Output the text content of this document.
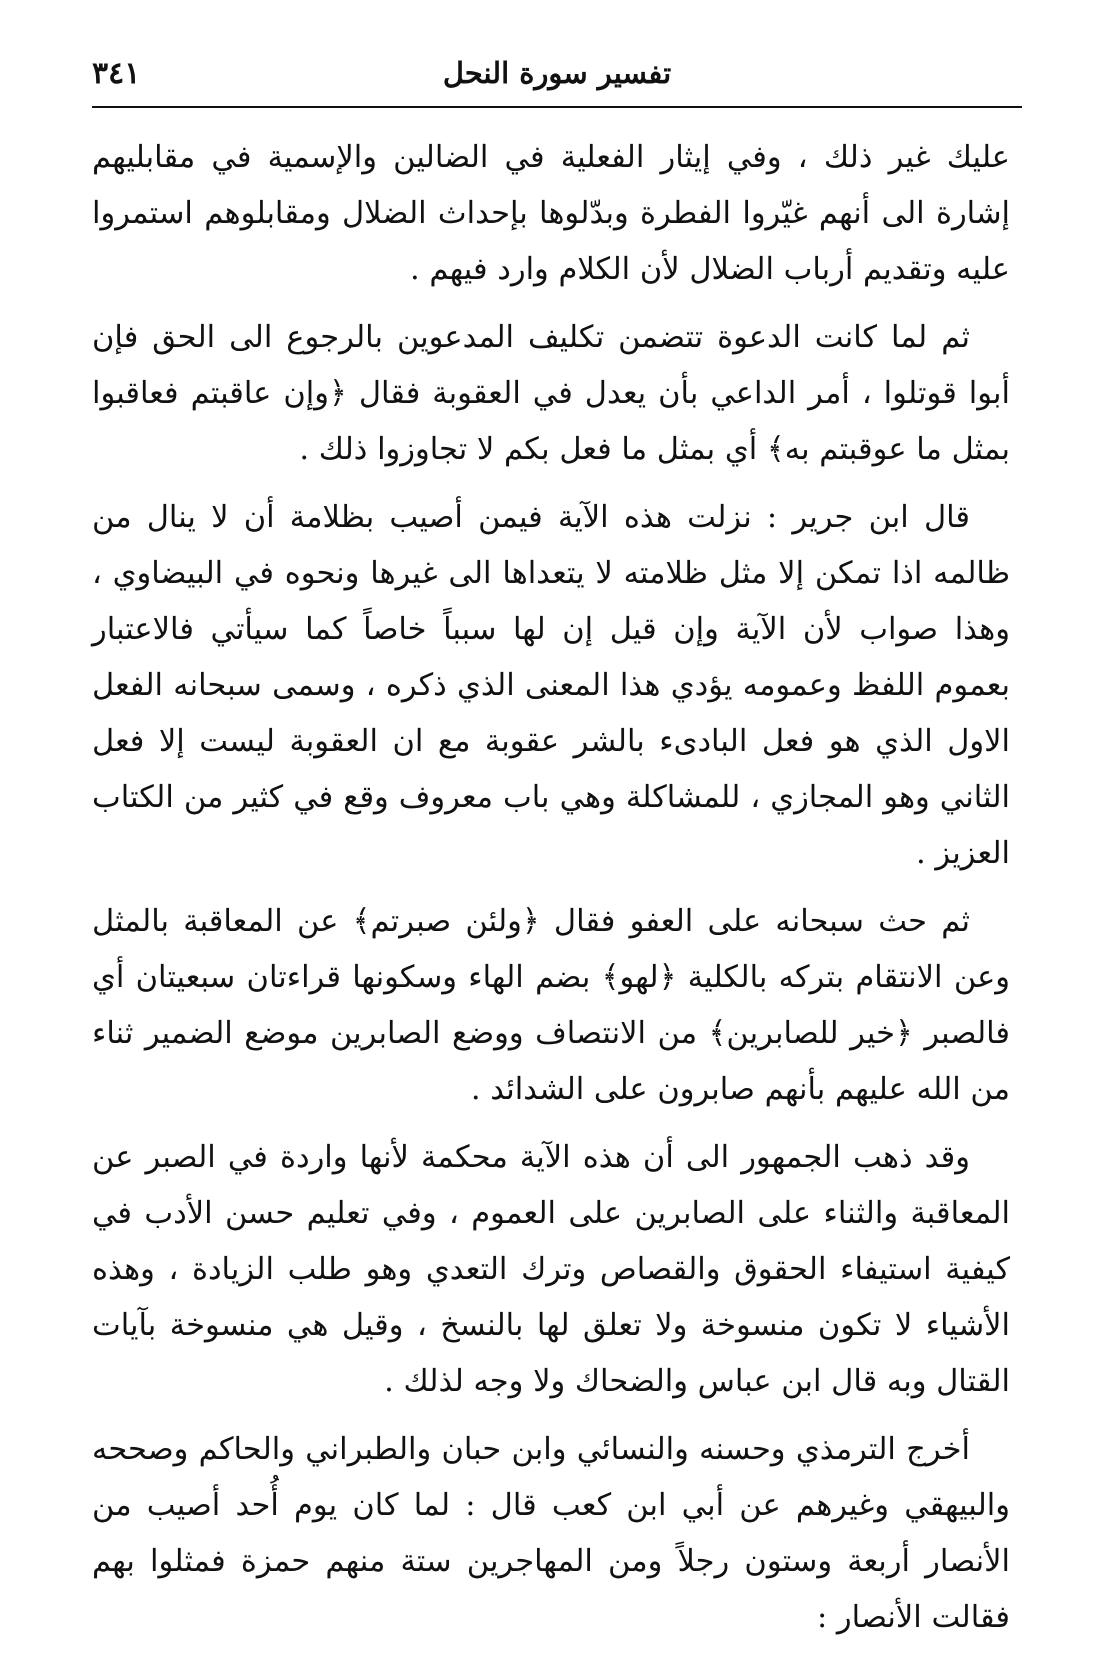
٣٤١	تفسير سورة النحل

عليك غير ذلك ، وفي إيثار الفعلية في الضالين والإسمية في مقابليهم إشارة الى أنهم غيّروا الفطرة وبدّلوها بإحداث الضلال ومقابلوهم استمروا عليه وتقديم أرباب الضلال لأن الكلام وارد فيهم .

ثم لما كانت الدعوة تتضمن تكليف المدعوين بالرجوع الى الحق فإن أبوا قوتلوا ، أمر الداعي بأن يعدل في العقوبة فقال ﴿وإن عاقبتم فعاقبوا بمثل ما عوقبتم به﴾ أي بمثل ما فعل بكم لا تجاوزوا ذلك .

قال ابن جرير : نزلت هذه الآية فيمن أصيب بظلامة أن لا ينال من ظالمه اذا تمكن إلا مثل ظلامته لا يتعداها الى غيرها ونحوه في البيضاوي ، وهذا صواب لأن الآية وإن قيل إن لها سبباً خاصاً كما سيأتي فالاعتبار بعموم اللفظ وعمومه يؤدي هذا المعنى الذي ذكره ، وسمى سبحانه الفعل الاول الذي هو فعل البادىء بالشر عقوبة مع ان العقوبة ليست إلا فعل الثاني وهو المجازي ، للمشاكلة وهي باب معروف وقع في كثير من الكتاب العزيز .

ثم حث سبحانه على العفو فقال ﴿ولئن صبرتم﴾ عن المعاقبة بالمثل وعن الانتقام بتركه بالكلية ﴿لهو﴾ بضم الهاء وسكونها قراءتان سبعيتان أي فالصبر ﴿خير للصابرين﴾ من الانتصاف ووضع الصابرين موضع الضمير ثناء من الله عليهم بأنهم صابرون على الشدائد .

وقد ذهب الجمهور الى أن هذه الآية محكمة لأنها واردة في الصبر عن المعاقبة والثناء على الصابرين على العموم ، وفي تعليم حسن الأدب في كيفية استيفاء الحقوق والقصاص وترك التعدي وهو طلب الزيادة ، وهذه الأشياء لا تكون منسوخة ولا تعلق لها بالنسخ ، وقيل هي منسوخة بآيات القتال وبه قال ابن عباس والضحاك ولا وجه لذلك .

أخرج الترمذي وحسنه والنسائي وابن حبان والطبراني والحاكم وصححه والبيهقي وغيرهم عن أبي ابن كعب قال : لما كان يوم أُحد أصيب من الأنصار أربعة وستون رجلاً ومن المهاجرين ستة منهم حمزة فمثلوا بهم فقالت الأنصار :
